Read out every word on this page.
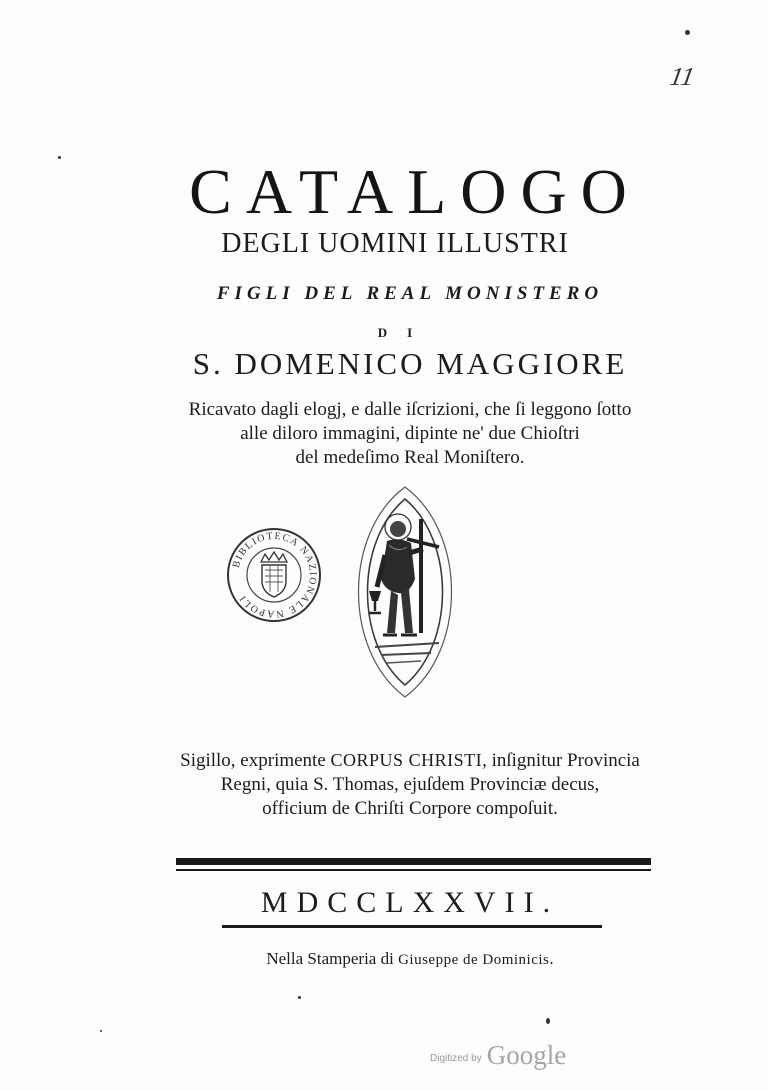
11
CATALOGO
DEGLI UOMINI ILLUSTRI
FIGLI DEL REAL MONISTERO
DI
S. DOMENICO MAGGIORE
Ricavato dagli elogj, e dalle iſcrizioni, che ſi leggono ſotto
alle diloro immagini, dipinte ne' due Chioſtri
del medeſimo Real Moniſtero.
BIBLIOTECA NAZIONALE NAPOLI
Sigillo, exprimente CORPUS CHRISTI, inſignitur Provincia
Regni, quia S. Thomas, ejuſdem Provinciæ decus,
officium de Chriſti Corpore compoſuit.
MDCCLXXVII.
Nella Stamperia di Giuseppe de Dominicis.
Digitized by Google
